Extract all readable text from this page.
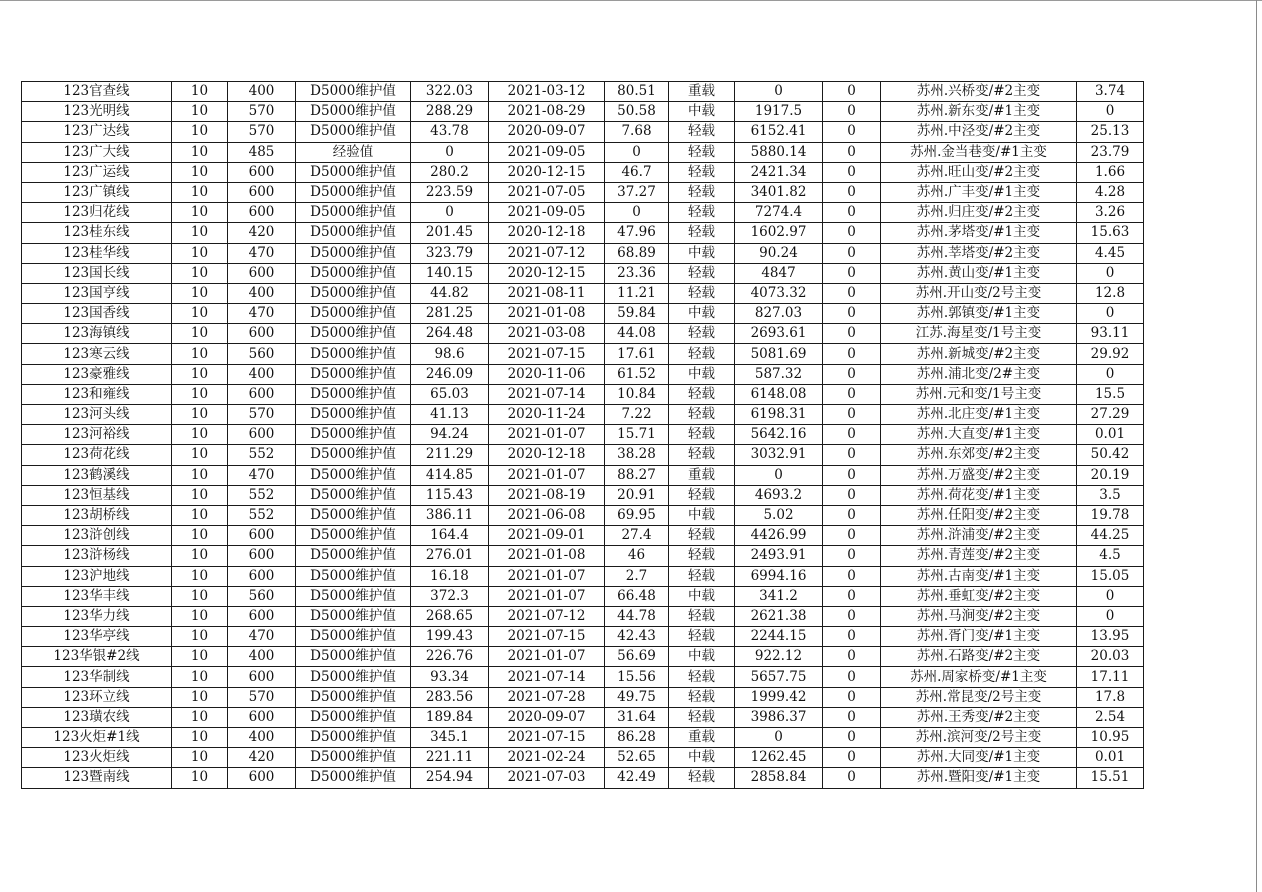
123官查线	10	400	D5000维护值	322.03	2021-03-12	80.51	重载	0	0	苏州.兴桥变/#2主变	3.74
123光明线	10	570	D5000维护值	288.29	2021-08-29	50.58	中载	1917.5	0	苏州.新东变/#1主变	0
123广达线	10	570	D5000维护值	43.78	2020-09-07	7.68	轻载	6152.41	0	苏州.中泾变/#2主变	25.13
123广大线	10	485	经验值	0	2021-09-05	0	轻载	5880.14	0	苏州.金当巷变/#1主变	23.79
123广运线	10	600	D5000维护值	280.2	2020-12-15	46.7	轻载	2421.34	0	苏州.旺山变/#2主变	1.66
123广镇线	10	600	D5000维护值	223.59	2021-07-05	37.27	轻载	3401.82	0	苏州.广丰变/#1主变	4.28
123归花线	10	600	D5000维护值	0	2021-09-05	0	轻载	7274.4	0	苏州.归庄变/#2主变	3.26
123桂东线	10	420	D5000维护值	201.45	2020-12-18	47.96	轻载	1602.97	0	苏州.茅塔变/#1主变	15.63
123桂华线	10	470	D5000维护值	323.79	2021-07-12	68.89	中载	90.24	0	苏州.莘塔变/#2主变	4.45
123国长线	10	600	D5000维护值	140.15	2020-12-15	23.36	轻载	4847	0	苏州.黄山变/#1主变	0
123国亨线	10	400	D5000维护值	44.82	2021-08-11	11.21	轻载	4073.32	0	苏州.开山变/2号主变	12.8
123国香线	10	470	D5000维护值	281.25	2021-01-08	59.84	中载	827.03	0	苏州.郭镇变/#1主变	0
123海镇线	10	600	D5000维护值	264.48	2021-03-08	44.08	轻载	2693.61	0	江苏.海星变/1号主变	93.11
123寒云线	10	560	D5000维护值	98.6	2021-07-15	17.61	轻载	5081.69	0	苏州.新城变/#2主变	29.92
123豪雅线	10	400	D5000维护值	246.09	2020-11-06	61.52	中载	587.32	0	苏州.浦北变/2#主变	0
123和雍线	10	600	D5000维护值	65.03	2021-07-14	10.84	轻载	6148.08	0	苏州.元和变/1号主变	15.5
123河头线	10	570	D5000维护值	41.13	2020-11-24	7.22	轻载	6198.31	0	苏州.北庄变/#1主变	27.29
123河裕线	10	600	D5000维护值	94.24	2021-01-07	15.71	轻载	5642.16	0	苏州.大直变/#1主变	0.01
123荷花线	10	552	D5000维护值	211.29	2020-12-18	38.28	轻载	3032.91	0	苏州.东郊变/#2主变	50.42
123鹤溪线	10	470	D5000维护值	414.85	2021-01-07	88.27	重载	0	0	苏州.万盛变/#2主变	20.19
123恒基线	10	552	D5000维护值	115.43	2021-08-19	20.91	轻载	4693.2	0	苏州.荷花变/#1主变	3.5
123胡桥线	10	552	D5000维护值	386.11	2021-06-08	69.95	中载	5.02	0	苏州.任阳变/#2主变	19.78
123浒创线	10	600	D5000维护值	164.4	2021-09-01	27.4	轻载	4426.99	0	苏州.浒浦变/#2主变	44.25
123浒杨线	10	600	D5000维护值	276.01	2021-01-08	46	轻载	2493.91	0	苏州.青莲变/#2主变	4.5
123沪地线	10	600	D5000维护值	16.18	2021-01-07	2.7	轻载	6994.16	0	苏州.古南变/#1主变	15.05
123华丰线	10	560	D5000维护值	372.3	2021-01-07	66.48	中载	341.2	0	苏州.垂虹变/#2主变	0
123华力线	10	600	D5000维护值	268.65	2021-07-12	44.78	轻载	2621.38	0	苏州.马涧变/#2主变	0
123华亭线	10	470	D5000维护值	199.43	2021-07-15	42.43	轻载	2244.15	0	苏州.胥门变/#1主变	13.95
123华银#2线	10	400	D5000维护值	226.76	2021-01-07	56.69	中载	922.12	0	苏州.石路变/#2主变	20.03
123华制线	10	600	D5000维护值	93.34	2021-07-14	15.56	轻载	5657.75	0	苏州.周家桥变/#1主变	17.11
123环立线	10	570	D5000维护值	283.56	2021-07-28	49.75	轻载	1999.42	0	苏州.常昆变/2号主变	17.8
123璜农线	10	600	D5000维护值	189.84	2020-09-07	31.64	轻载	3986.37	0	苏州.王秀变/#2主变	2.54
123火炬#1线	10	400	D5000维护值	345.1	2021-07-15	86.28	重载	0	0	苏州.滨河变/2号主变	10.95
123火炬线	10	420	D5000维护值	221.11	2021-02-24	52.65	中载	1262.45	0	苏州.大同变/#1主变	0.01
123暨南线	10	600	D5000维护值	254.94	2021-07-03	42.49	轻载	2858.84	0	苏州.暨阳变/#1主变	15.51
